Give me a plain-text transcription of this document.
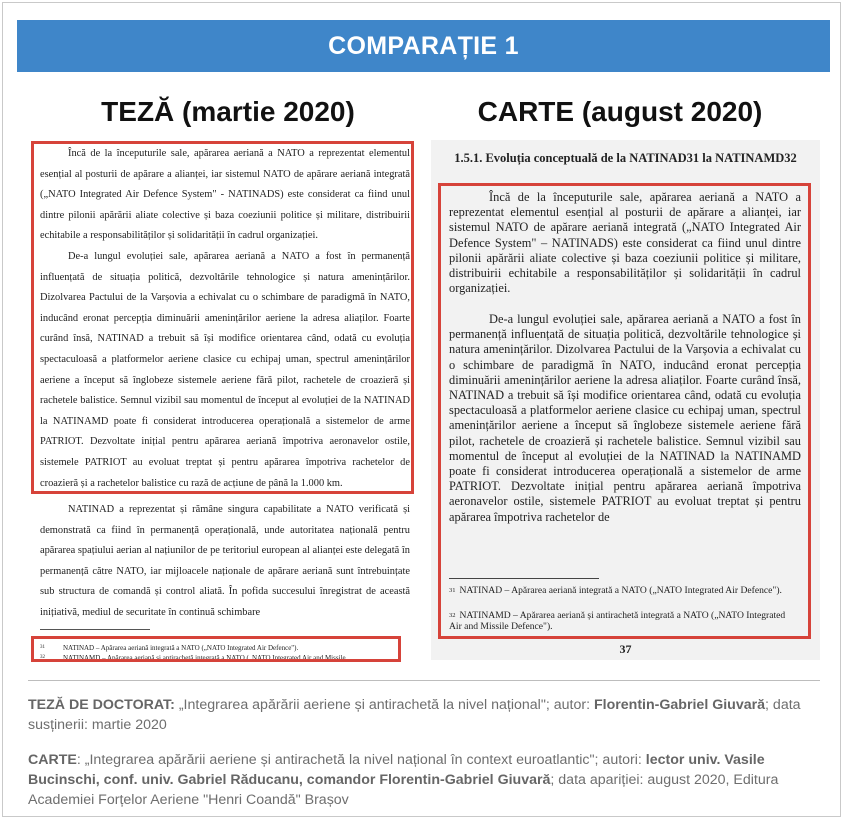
COMPARAȚIE 1
TEZĂ (martie 2020)	CARTE (august 2020)

Încă de la începuturile sale, apărarea aeriană a NATO a reprezentat elementul esențial al posturii de apărare a alianței, iar sistemul NATO de apărare aeriană integrată („NATO Integrated Air Defence System" - NATINADS) este considerat ca fiind unul dintre pilonii apărării aliate colective și baza coeziunii politice și militare, distribuirii echitabile a responsabilităților și solidarității în cadrul organizației.

De-a lungul evoluției sale, apărarea aeriană a NATO a fost în permanență influențată de situația politică, dezvoltările tehnologice și natura amenințărilor. Dizolvarea Pactului de la Varșovia a echivalat cu o schimbare de paradigmă în NATO, inducând eronat percepția diminuării amenințărilor aeriene la adresa aliaților. Foarte curând însă, NATINAD a trebuit să își modifice orientarea când, odată cu evoluția spectaculoasă a platformelor aeriene clasice cu echipaj uman, spectrul amenințărilor aeriene a început să înglobeze sistemele aeriene fără pilot, rachetele de croazieră și rachetele balistice. Semnul vizibil sau momentul de început al evoluției de la NATINAD la NATINAMD poate fi considerat introducerea operațională a sistemelor de arme PATRIOT. Dezvoltate inițial pentru apărarea aeriană împotriva aeronavelor ostile, sistemele PATRIOT au evoluat treptat și pentru apărarea împotriva rachetelor de croazieră și a rachetelor balistice cu rază de acțiune de până la 1.000 km.

NATINAD a reprezentat și rămâne singura capabilitate a NATO verificată și demonstrată ca fiind în permanență operațională, unde autoritatea națională pentru apărarea spațiului aerian al națiunilor de pe teritoriul european al alianței este delegată în permanență către NATO, iar mijloacele naționale de apărare aeriană sunt întrebuințate sub structura de comandă și control aliată. În pofida succesului înregistrat de această inițiativă, mediul de securitate în continuă schimbare

$^{31}$	NATINAD – Apărarea aeriană integrată a NATO („NATO Integrated Air Defence").
$^{32}$	NATINAMD – Apărarea aeriană și antirachetă integrată a NATO („NATO Integrated Air and Missile
1.5.1. Evoluția conceptuală de la NATINAD31 la NATINAMD32

Încă de la începuturile sale, apărarea aeriană a NATO a reprezentat elementul esențial al posturii de apărare a alianței, iar sistemul NATO de apărare aeriană integrată („NATO Integrated Air Defence System" – NATINADS) este considerat ca fiind unul dintre pilonii apărării aliate colective și baza coeziunii politice și militare, distribuirii echitabile a responsabilităților și solidarității în cadrul organizației.

De-a lungul evoluției sale, apărarea aeriană a NATO a fost în permanență influențată de situația politică, dezvoltările tehnologice și natura amenințărilor. Dizolvarea Pactului de la Varșovia a echivalat cu o schimbare de paradigmă în NATO, inducând eronat percepția diminuării amenințărilor aeriene la adresa aliaților. Foarte curând însă, NATINAD a trebuit să își modifice orientarea când, odată cu evoluția spectaculoasă a platformelor aeriene clasice cu echipaj uman, spectrul amenințărilor aeriene a început să înglobeze sistemele aeriene fără pilot, rachetele de croazieră și rachetele balistice. Semnul vizibil sau momentul de început al evoluției de la NATINAD la NATINAMD poate fi considerat introducerea operațională a sistemelor de arme PATRIOT. Dezvoltate inițial pentru apărarea aeriană împotriva aeronavelor ostile, sistemele PATRIOT au evoluat treptat și pentru apărarea împotriva rachetelor de

$^{31}$ NATINAD – Apărarea aeriană integrată a NATO („NATO Integrated Air Defence").
$^{32}$ NATINAMD – Apărarea aeriană și antirachetă integrată a NATO („NATO Integrated Air and Missile Defence").
37
TEZĂ DE DOCTORAT: „Integrarea apărării aeriene și antirachetă la nivel național"; autor: Florentin-Gabriel Giuvară; data susținerii: martie 2020
CARTE: „Integrarea apărării aeriene și antirachetă la nivel național în context euroatlantic"; autori: lector univ. Vasile Bucinschi, conf. univ. Gabriel Răducanu, comandor Florentin-Gabriel Giuvară; data apariției: august 2020, Editura Academiei Forțelor Aeriene "Henri Coandă" Brașov
